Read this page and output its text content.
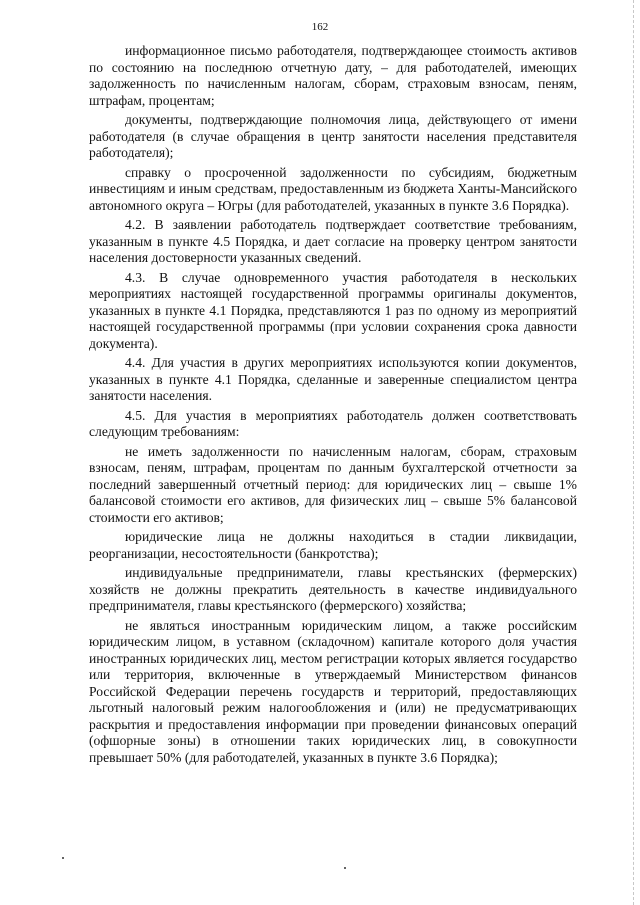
162

информационное письмо работодателя, подтверждающее стоимость активов по состоянию на последнюю отчетную дату, – для работодателей, имеющих задолженность по начисленным налогам, сборам, страховым взносам, пеням, штрафам, процентам;

документы, подтверждающие полномочия лица, действующего от имени работодателя (в случае обращения в центр занятости населения представителя работодателя);

справку о просроченной задолженности по субсидиям, бюджетным инвестициям и иным средствам, предоставленным из бюджета Ханты-Мансийского автономного округа – Югры (для работодателей, указанных в пункте 3.6 Порядка).

4.2. В заявлении работодатель подтверждает соответствие требованиям, указанным в пункте 4.5 Порядка, и дает согласие на проверку центром занятости населения достоверности указанных сведений.

4.3. В случае одновременного участия работодателя в нескольких мероприятиях настоящей государственной программы оригиналы документов, указанных в пункте 4.1 Порядка, представляются 1 раз по одному из мероприятий настоящей государственной программы (при условии сохранения срока давности документа).

4.4. Для участия в других мероприятиях используются копии документов, указанных в пункте 4.1 Порядка, сделанные и заверенные специалистом центра занятости населения.

4.5. Для участия в мероприятиях работодатель должен соответствовать следующим требованиям:

не иметь задолженности по начисленным налогам, сборам, страховым взносам, пеням, штрафам, процентам по данным бухгалтерской отчетности за последний завершенный отчетный период: для юридических лиц – свыше 1% балансовой стоимости его активов, для физических лиц – свыше 5% балансовой стоимости его активов;

юридические лица не должны находиться в стадии ликвидации, реорганизации, несостоятельности (банкротства);

индивидуальные предприниматели, главы крестьянских (фермерских) хозяйств не должны прекратить деятельность в качестве индивидуального предпринимателя, главы крестьянского (фермерского) хозяйства;

не являться иностранным юридическим лицом, а также российским юридическим лицом, в уставном (складочном) капитале которого доля участия иностранных юридических лиц, местом регистрации которых является государство или территория, включенные в утверждаемый Министерством финансов Российской Федерации перечень государств и территорий, предоставляющих льготный налоговый режим налогообложения и (или) не предусматривающих раскрытия и предоставления информации при проведении финансовых операций (офшорные зоны) в отношении таких юридических лиц, в совокупности превышает 50% (для работодателей, указанных в пункте 3.6 Порядка);
